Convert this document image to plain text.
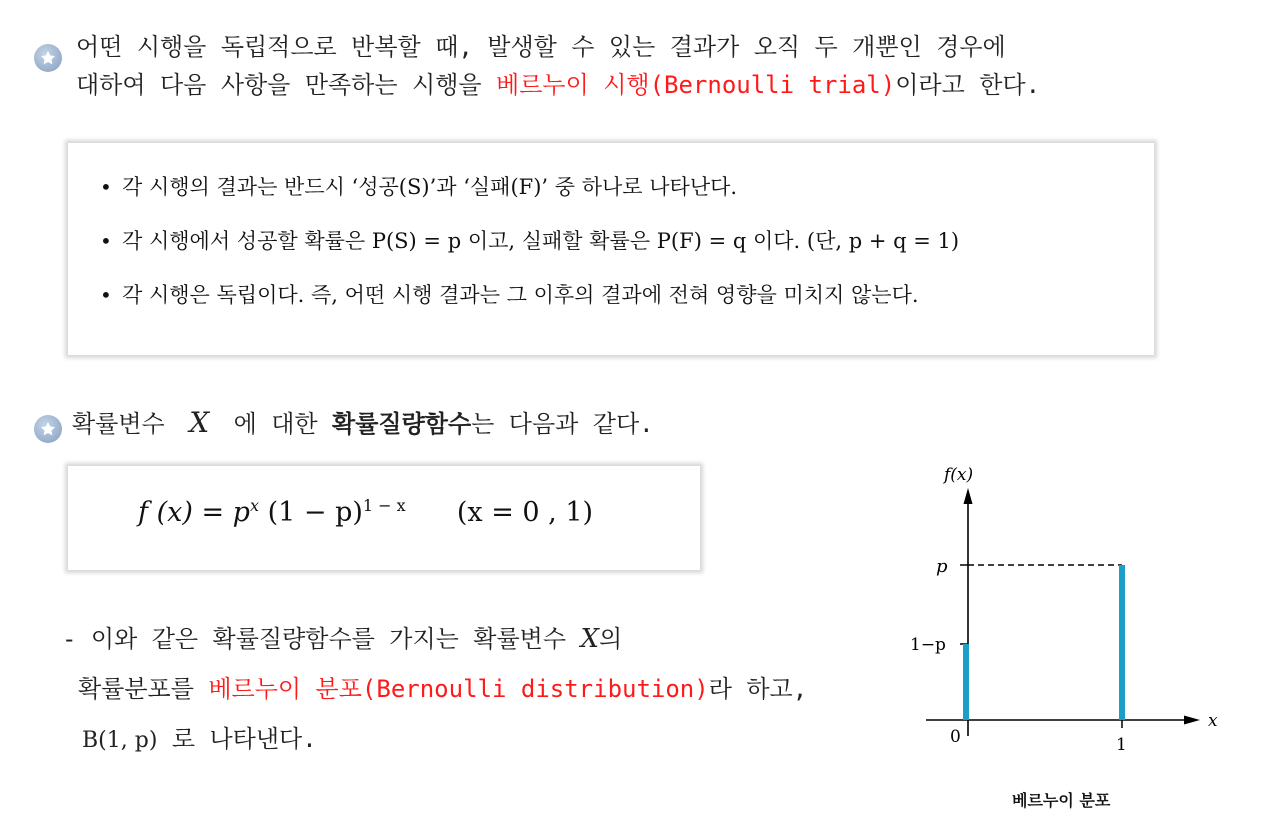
어떤 시행을 독립적으로 반복할 때, 발생할 수 있는 결과가 오직 두 개뿐인 경우에
대하여 다음 사항을 만족하는 시행을 베르누이 시행(Bernoulli trial)이라고 한다.
• 각 시행의 결과는 반드시 ‘성공(S)’과 ‘실패(F)’ 중 하나로 나타난다.
• 각 시행에서 성공할 확률은 P(S) = p 이고, 실패할 확률은 P(F) = q 이다. (단, p + q = 1)
• 각 시행은 독립이다. 즉, 어떤 시행 결과는 그 이후의 결과에 전혀 영향을 미치지 않는다.
확률변수 X 에 대한 확률질량함수는 다음과 같다.
f $(x) = p^x$ $(1 - p)^{1 - x}$ (x = 0 , 1)
- 이와 같은 확률질량함수를 가지는 확률변수 X의
확률분포를 베르누이 분포(Bernoulli distribution)라 하고,
B(1, p) 로 나타낸다.
f(x)
p
1−p
0	1
x
베르누이 분포
